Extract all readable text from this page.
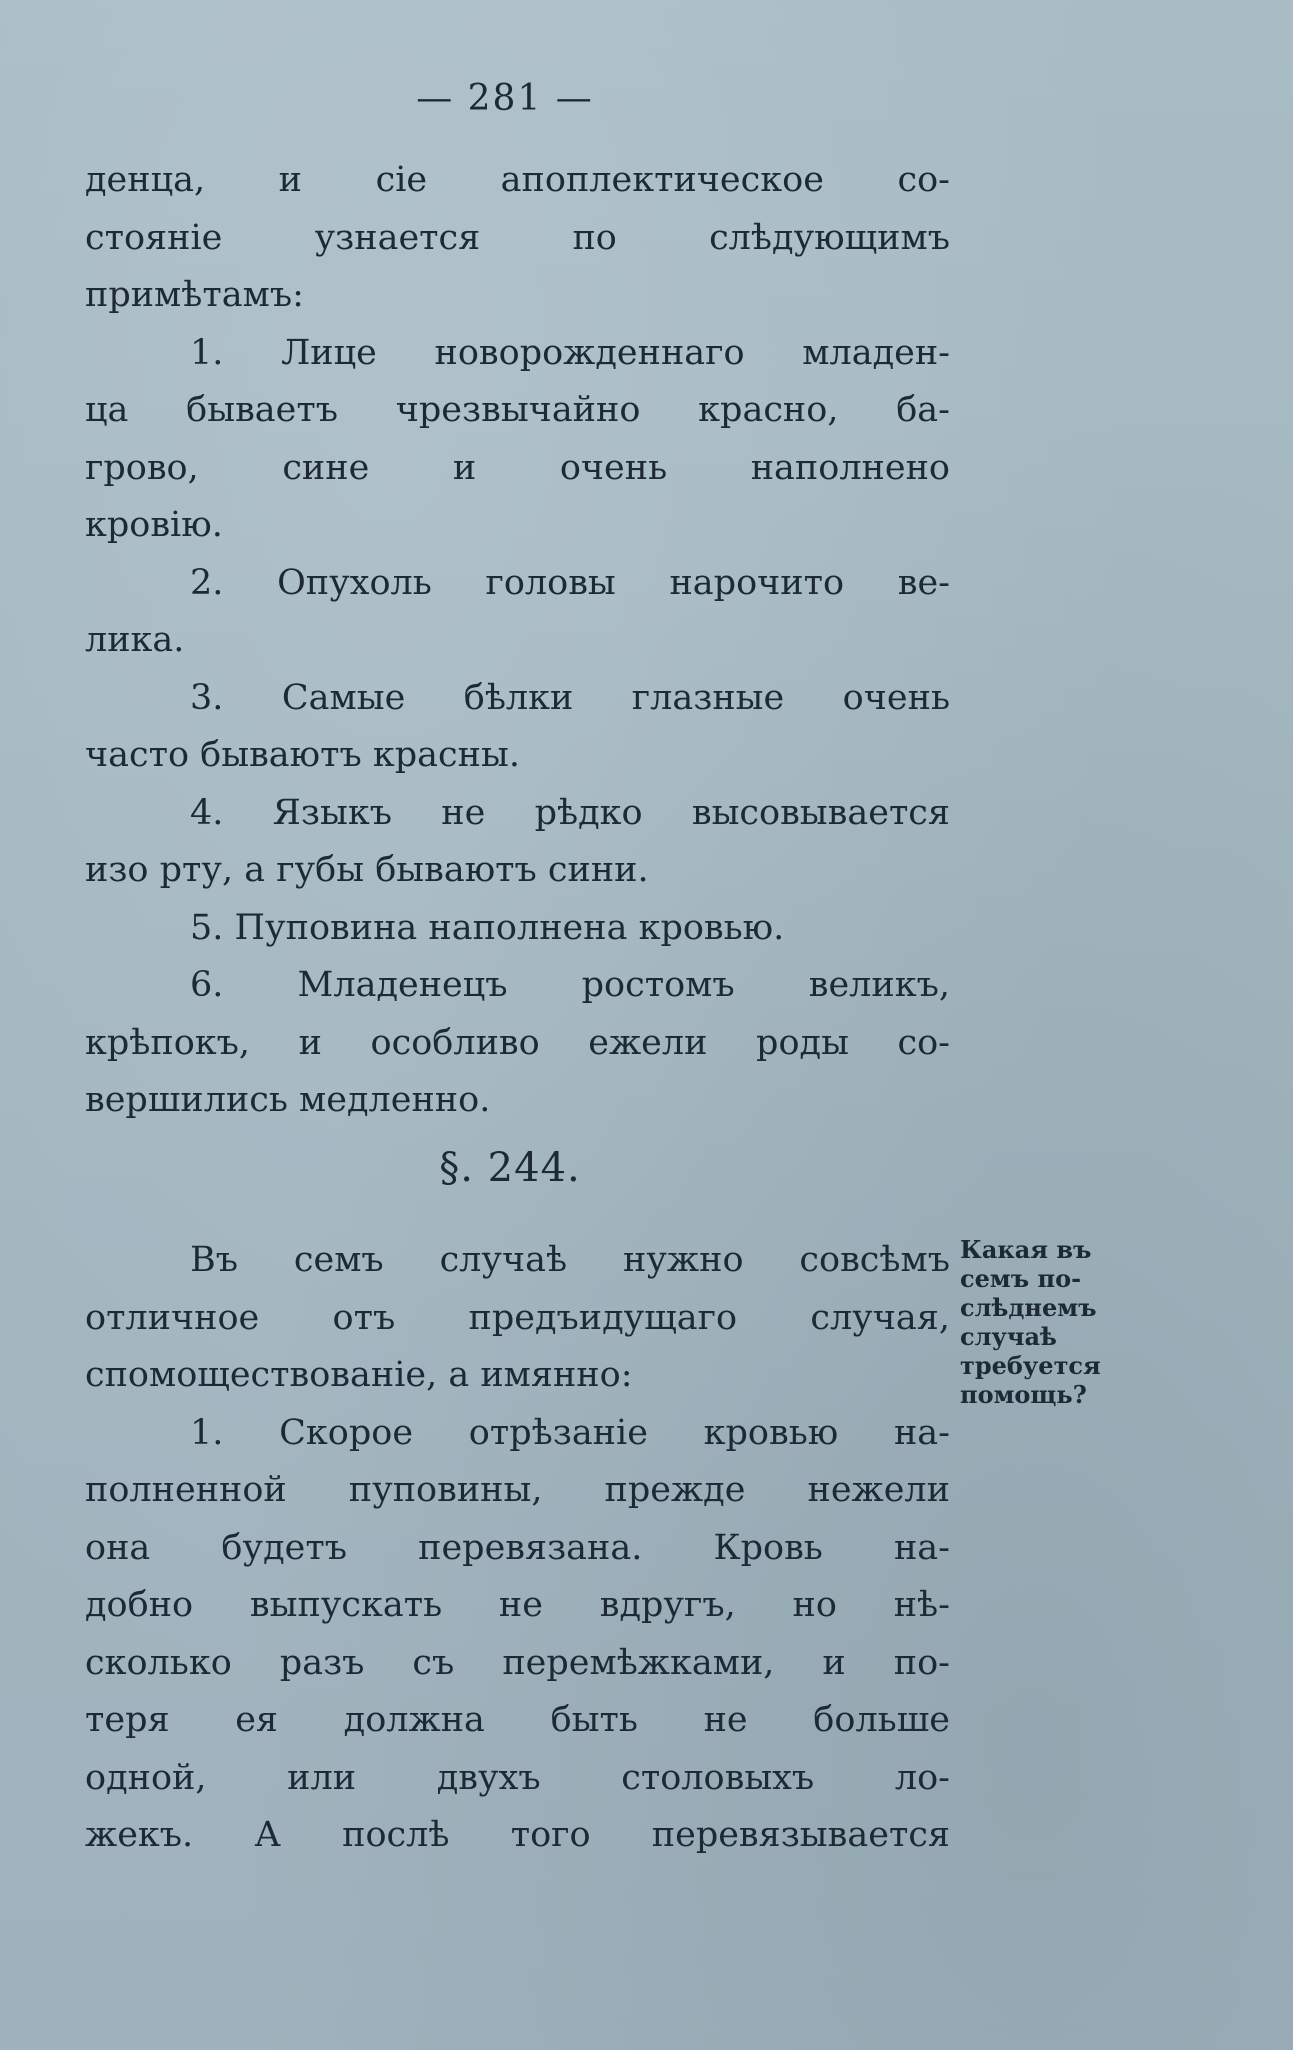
— 281 —
денца, и сiе апоплектическое со-
стоянiе узнается по слѣдующимъ
примѣтамъ:
1. Лице новорожденнаго младен-
ца бываетъ чрезвычайно красно, ба-
грово, сине и очень наполнено
кровiю.
2. Опухоль головы нарочито ве-
лика.
3. Самые бѣлки глазные очень
часто бываютъ красны.
4. Языкъ не рѣдко высовывается
изо рту, а губы бываютъ сини.
5. Пуповина наполнена кровью.
6. Младенецъ ростомъ великъ,
крѣпокъ, и особливо ежели роды со-
вершились медленно.
§. 244.
Въ семъ случаѣ нужно совсѣмъ
отличное отъ предъидущаго случая,
спомоществованiе, а имянно:
1. Скорое отрѣзанiе кровью на-
полненной пуповины, прежде нежели
она будетъ перевязана. Кровь на-
добно выпускать не вдругъ, но нѣ-
сколько разъ съ перемѣжками, и по-
теря ея должна быть не больше
одной, или двухъ столовыхъ ло-
жекъ. А послѣ того перевязывается
Какая въ
семъ по-
слѣднемъ
случаѣ
требуется
помощь?
